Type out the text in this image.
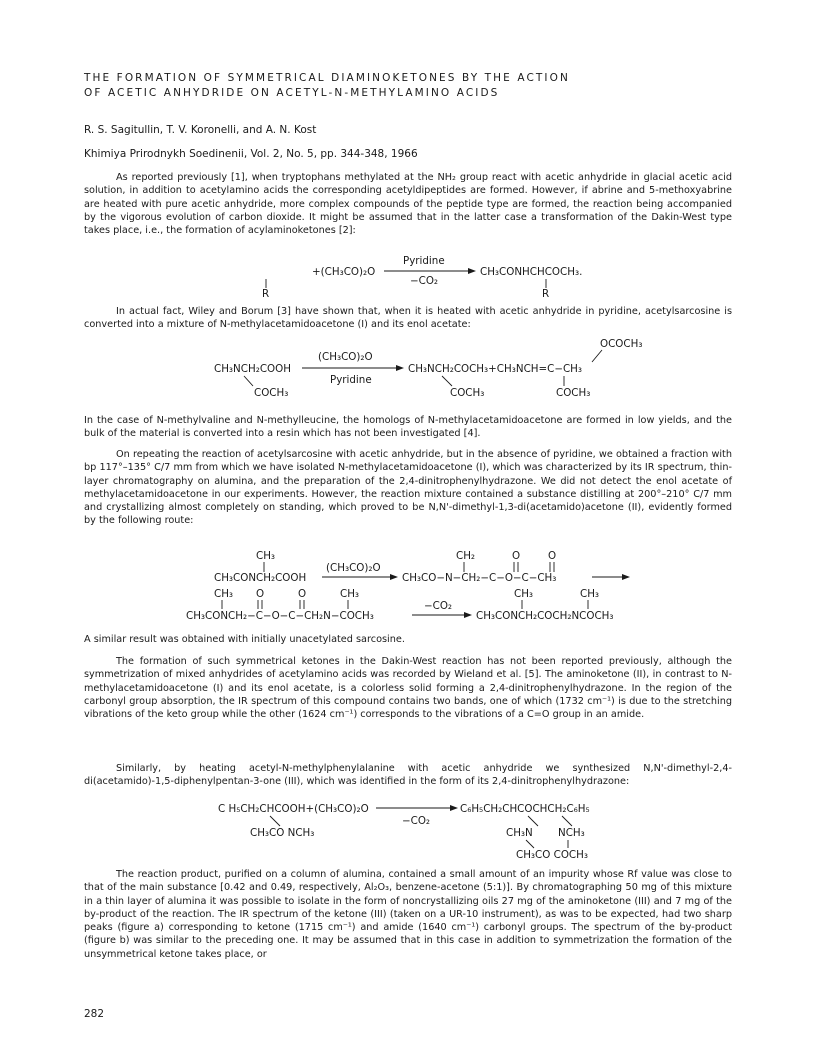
THE FORMATION OF SYMMETRICAL DIAMINOKETONES BY THE ACTION
OF ACETIC ANHYDRIDE ON ACETYL-N-METHYLAMINO ACIDS
R. S. Sagitullin, T. V. Koronelli, and A. N. Kost
Khimiya Prirodnykh Soedinenii, Vol. 2, No. 5, pp. 344-348, 1966

As reported previously [1], when tryptophans methylated at the NH₂ group react with acetic anhydride in glacial acetic acid solution, in addition to acetylamino acids the corresponding acetyldipeptides are formed. However, if abrine and 5-methoxyabrine are heated with pure acetic anhydride, more complex compounds of the peptide type are formed, the reaction being accompanied by the vigorous evolution of carbon dioxide. It might be assumed that in the latter case a transformation of the Dakin-West type takes place, i.e., the formation of acylaminoketones [2]:

+(CH₃CO)₂O
R
Pyridine
−CO₂
CH₃CONHCHCOCH₃.
R

In actual fact, Wiley and Borum [3] have shown that, when it is heated with acetic anhydride in pyridine, acetylsarcosine is converted into a mixture of N-methylacetamidoacetone (I) and its enol acetate:

CH₃NCH₂COOH
COCH₃
(CH₃CO)₂O
Pyridine
CH₃NCH₂COCH₃+CH₃NCH=C−CH₃
COCH₃
OCOCH₃
COCH₃

In the case of N-methylvaline and N-methylleucine, the homologs of N-methylacetamidoacetone are formed in low yields, and the bulk of the material is converted into a resin which has not been investigated [4].

On repeating the reaction of acetylsarcosine with acetic anhydride, but in the absence of pyridine, we obtained a fraction with bp 117°–135° C/7 mm from which we have isolated N-methylacetamidoacetone (I), which was characterized by its IR spectrum, thin-layer chromatography on alumina, and the preparation of the 2,4-dinitrophenylhydrazone. We did not detect the enol acetate of methylacetamidoacetone in our experiments. However, the reaction mixture contained a substance distilling at 200°–210° C/7 mm and crystallizing almost completely on standing, which proved to be N,N'-dimethyl-1,3-di(acetamido)acetone (II), evidently formed by the following route:

CH₃
CH₃CONCH₂COOH
(CH₃CO)₂O
CH₂	O	O
CH₃CO−N−CH₂−C−O−C−CH₃
CH₃ O	O	CH₃
CH₃CONCH₂−C−O−C−CH₂N−COCH₃
−CO₂
CH₃	CH₃
CH₃CONCH₂COCH₂NCOCH₃

A similar result was obtained with initially unacetylated sarcosine.

The formation of such symmetrical ketones in the Dakin-West reaction has not been reported previously, although the symmetrization of mixed anhydrides of acetylamino acids was recorded by Wieland et al. [5]. The aminoketone (II), in contrast to N-methylacetamidoacetone (I) and its enol acetate, is a colorless solid forming a 2,4-dinitrophenylhydrazone. In the region of the carbonyl group absorption, the IR spectrum of this compound contains two bands, one of which (1732 cm⁻¹) is due to the stretching vibrations of the keto group while the other (1624 cm⁻¹) corresponds to the vibrations of a C=O group in an amide.

Similarly, by heating acetyl-N-methylphenylalanine with acetic anhydride we synthesized N,N'-dimethyl-2,4-di(acetamido)-1,5-diphenylpentan-3-one (III), which was identified in the form of its 2,4-dinitrophenylhydrazone:

C H₅CH₂CHCOOH+(CH₃CO)₂O
CH₃CO NCH₃
−CO₂
C₆H₅CH₂CHCOCHCH₂C₆H₅
CH₃N NCH₃
CH₃CO COCH₃

The reaction product, purified on a column of alumina, contained a small amount of an impurity whose Rf value was close to that of the main substance [0.42 and 0.49, respectively, Al₂O₃, benzene-acetone (5:1)]. By chromatographing 50 mg of this mixture in a thin layer of alumina it was possible to isolate in the form of noncrystallizing oils 27 mg of the aminoketone (III) and 7 mg of the by-product of the reaction. The IR spectrum of the ketone (III) (taken on a UR-10 instrument), as was to be expected, had two sharp peaks (figure a) corresponding to ketone (1715 cm⁻¹) and amide (1640 cm⁻¹) carbonyl groups. The spectrum of the by-product (figure b) was similar to the preceding one. It may be assumed that in this case in addition to symmetrization the formation of the unsymmetrical ketone takes place, or

282
